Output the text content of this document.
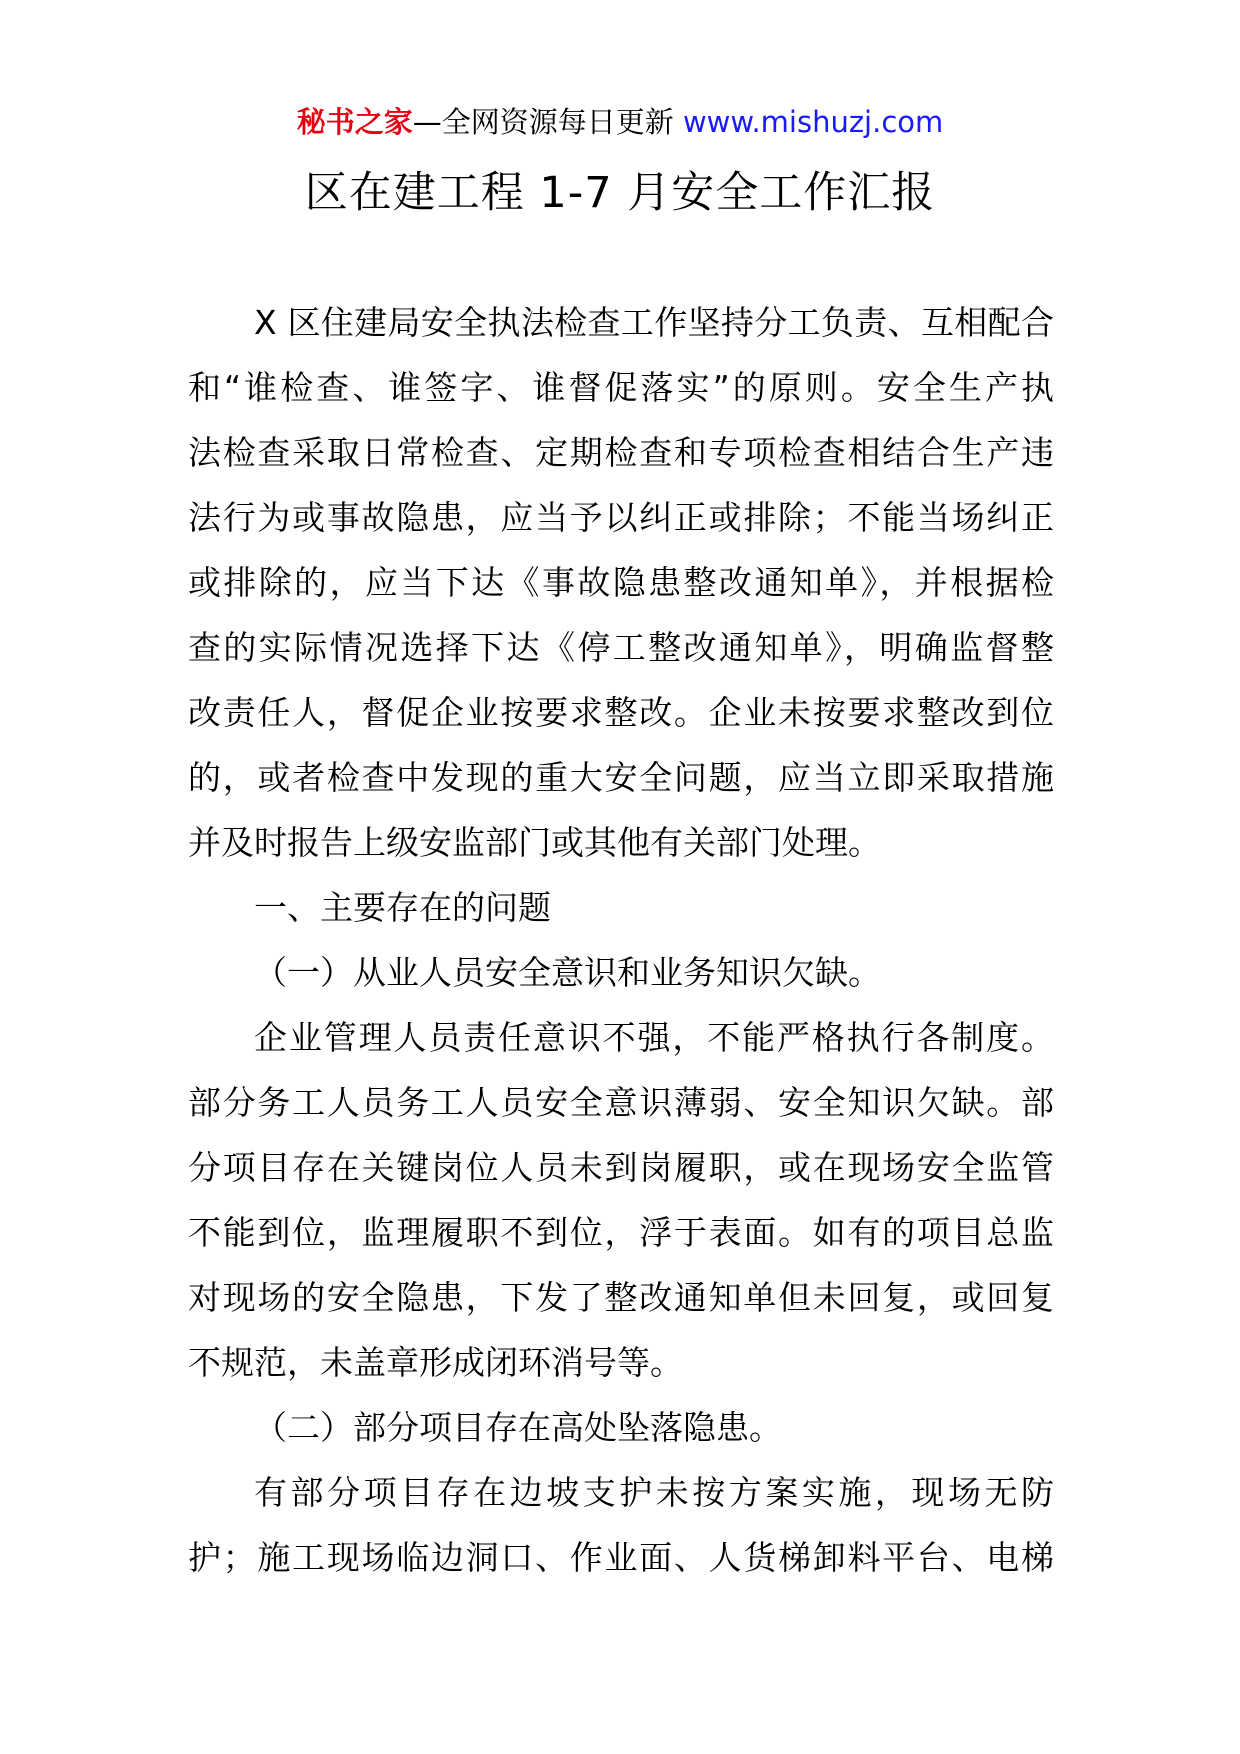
秘书之家—全网资源每日更新 www.mishuzj.com
区在建工程 1-7 月安全工作汇报
X 区住建局安全执法检查工作坚持分工负责、互相配合
和“谁检查、谁签字、谁督促落实”的原则。安全生产执
法检查采取日常检查、定期检查和专项检查相结合生产违
法行为或事故隐患，应当予以纠正或排除；不能当场纠正
或排除的，应当下达《事故隐患整改通知单》，并根据检
查的实际情况选择下达《停工整改通知单》，明确监督整
改责任人，督促企业按要求整改。企业未按要求整改到位
的，或者检查中发现的重大安全问题，应当立即采取措施
并及时报告上级安监部门或其他有关部门处理。
一、主要存在的问题
（一）从业人员安全意识和业务知识欠缺。
企业管理人员责任意识不强，不能严格执行各制度。
部分务工人员务工人员安全意识薄弱、安全知识欠缺。部
分项目存在关键岗位人员未到岗履职，或在现场安全监管
不能到位，监理履职不到位，浮于表面。如有的项目总监
对现场的安全隐患，下发了整改通知单但未回复，或回复
不规范，未盖章形成闭环消号等。
（二）部分项目存在高处坠落隐患。
有部分项目存在边坡支护未按方案实施，现场无防
护；施工现场临边洞口、作业面、人货梯卸料平台、电梯
